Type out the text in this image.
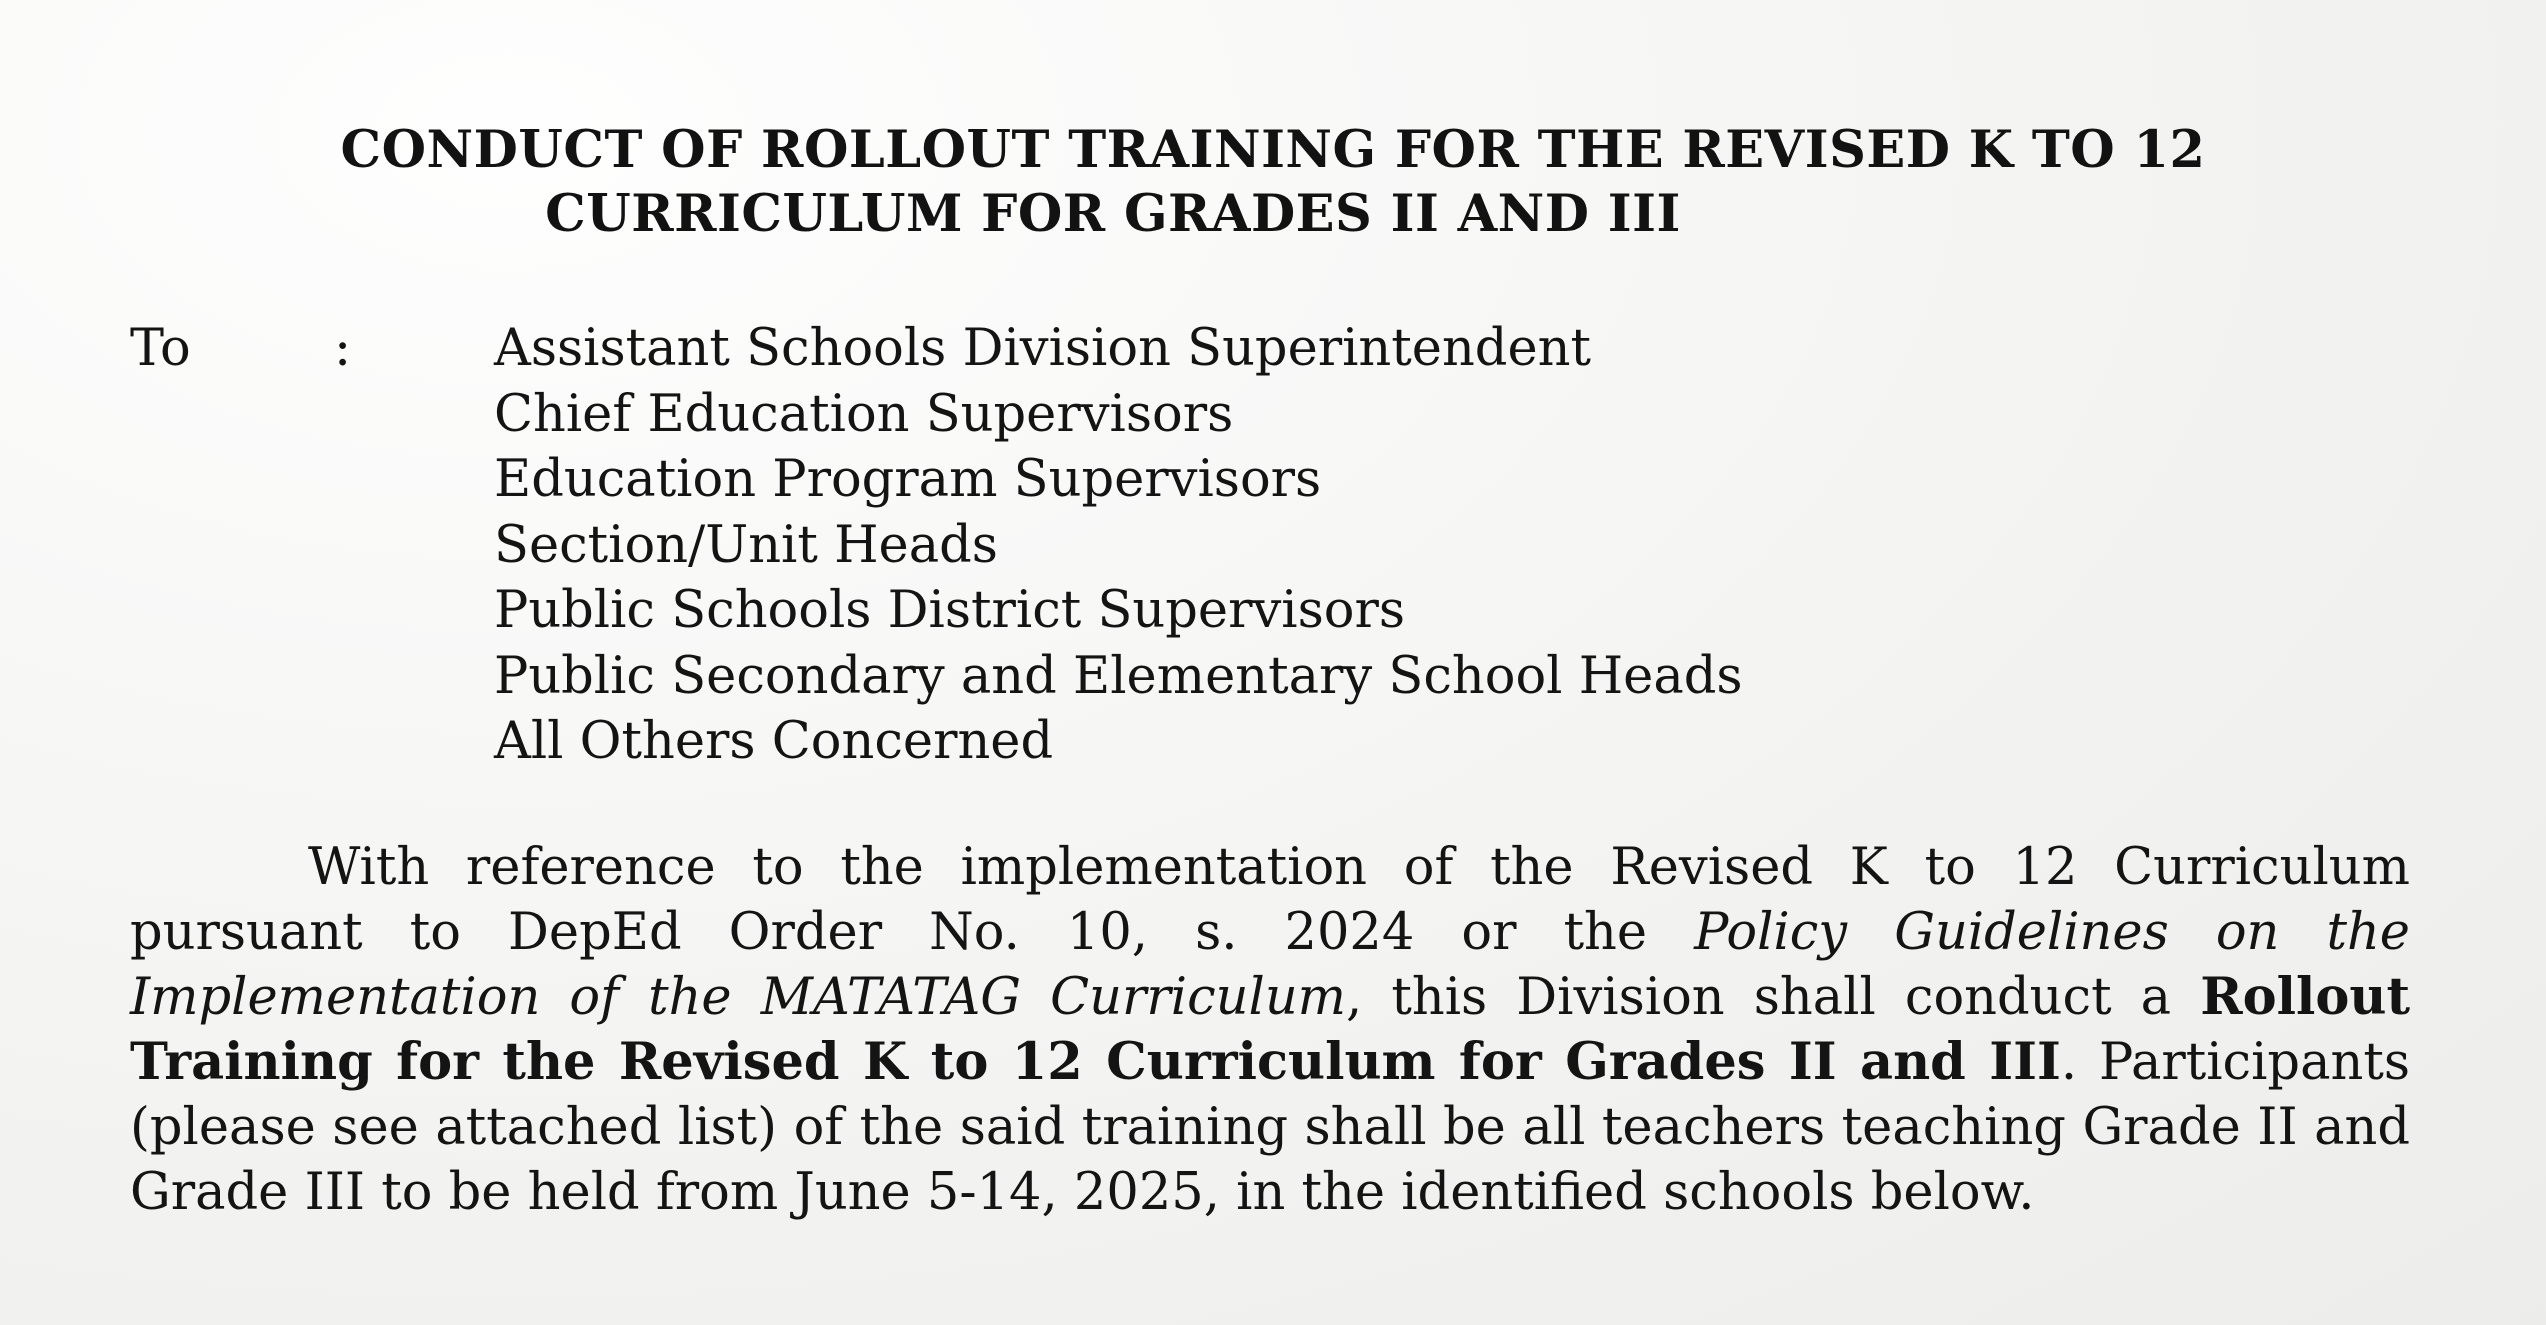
CONDUCT OF ROLLOUT TRAINING FOR THE REVISED K TO 12
CURRICULUM FOR GRADES II AND III
To	:	Assistant Schools Division Superintendent
Chief Education Supervisors
Education Program Supervisors
Section/Unit Heads
Public Schools District Supervisors
Public Secondary and Elementary School Heads
All Others Concerned

With reference to the implementation of the Revised K to 12 Curriculum pursuant to DepEd Order No. 10, s. 2024 or the Policy Guidelines on the Implementation of the MATATAG Curriculum, this Division shall conduct a Rollout Training for the Revised K to 12 Curriculum for Grades II and III. Participants (please see attached list) of the said training shall be all teachers teaching Grade II and Grade III to be held from June 5-14, 2025, in the identified schools below.
